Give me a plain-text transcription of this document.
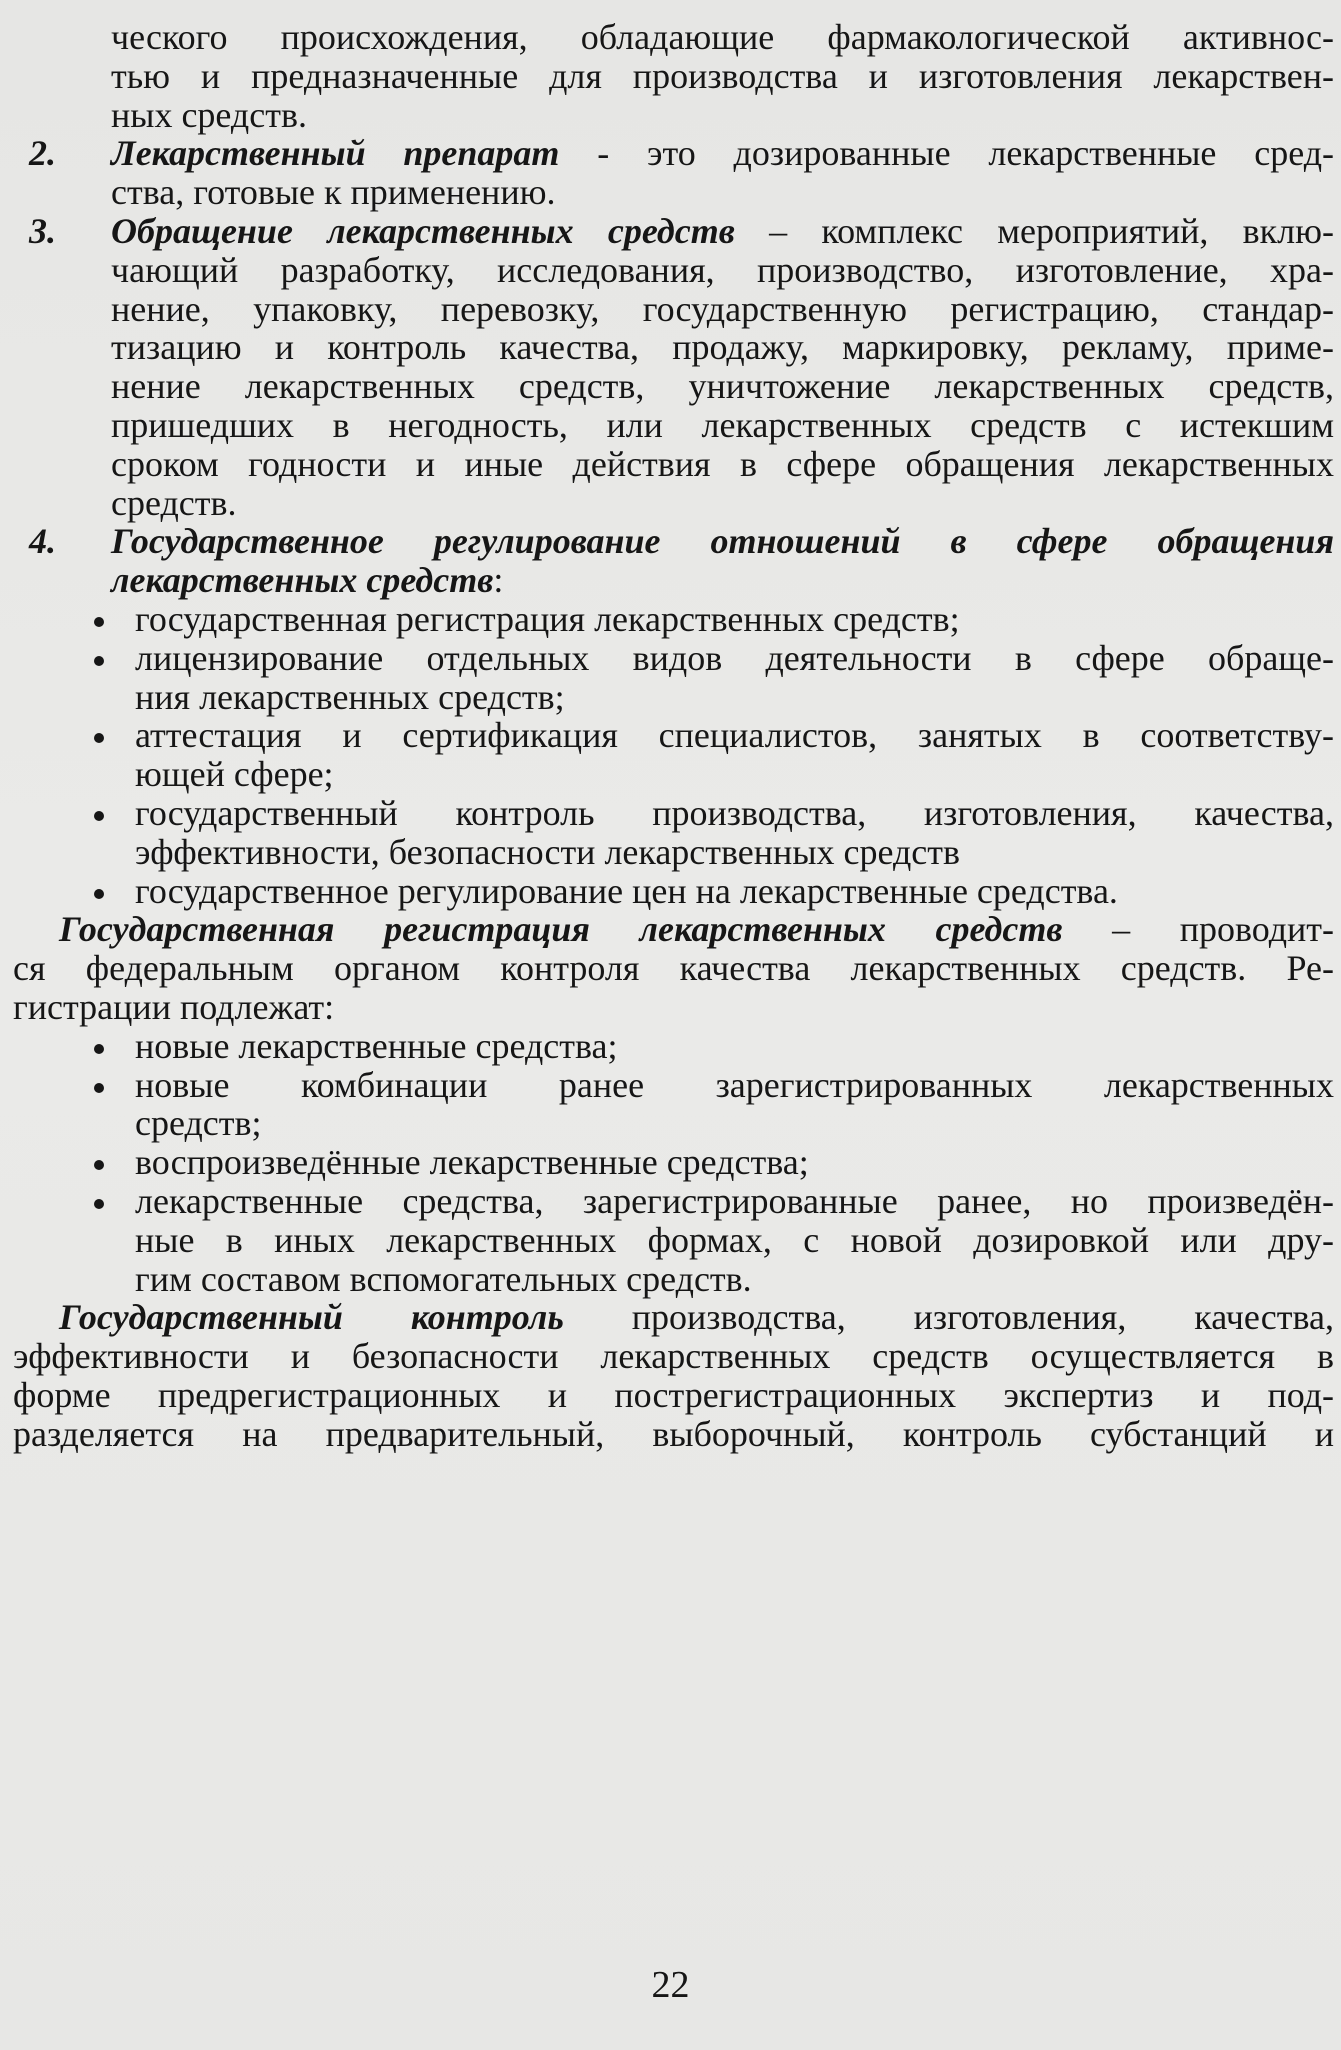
ческого происхождения, обладающие фармакологической активнос-
тью и предназначенные для производства и изготовления лекарствен-
ных средств.
2. Лекарственный препарат - это дозированные лекарственные сред-
ства, готовые к применению.
3. Обращение лекарственных средств – комплекс мероприятий, вклю-
чающий разработку, исследования, производство, изготовление, хра-
нение, упаковку, перевозку, государственную регистрацию, стандар-
тизацию и контроль качества, продажу, маркировку, рекламу, приме-
нение лекарственных средств, уничтожение лекарственных средств,
пришедших в негодность, или лекарственных средств с истекшим
сроком годности и иные действия в сфере обращения лекарственных
средств.
4. Государственное регулирование отношений в сфере обращения
лекарственных средств:
государственная регистрация лекарственных средств;
лицензирование отдельных видов деятельности в сфере обраще-
ния лекарственных средств;
аттестация и сертификация специалистов, занятых в соответству-
ющей сфере;
государственный контроль производства, изготовления, качества,
эффективности, безопасности лекарственных средств
государственное регулирование цен на лекарственные средства.
Государственная регистрация лекарственных средств – проводит-
ся федеральным органом контроля качества лекарственных средств. Ре-
гистрации подлежат:
новые лекарственные средства;
новые комбинации ранее зарегистрированных лекарственных
средств;
воспроизведённые лекарственные средства;
лекарственные средства, зарегистрированные ранее, но произведён-
ные в иных лекарственных формах, с новой дозировкой или дру-
гим составом вспомогательных средств.
Государственный контроль производства, изготовления, качества,
эффективности и безопасности лекарственных средств осуществляется в
форме предрегистрационных и пострегистрационных экспертиз и под-
разделяется на предварительный, выборочный, контроль субстанций и
22
